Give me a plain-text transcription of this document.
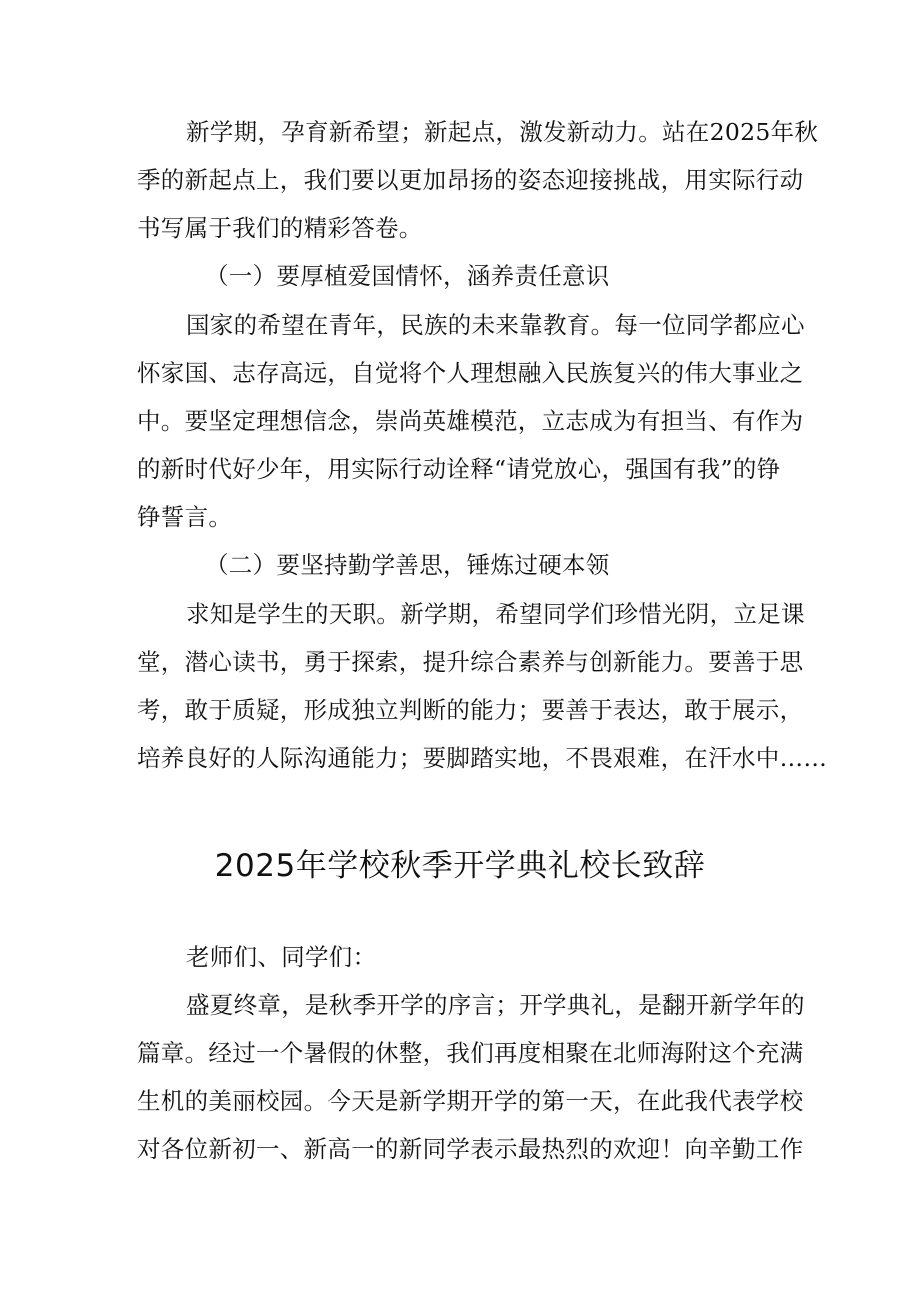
新学期，孕育新希望；新起点，激发新动力。站在2025年秋
季的新起点上，我们要以更加昂扬的姿态迎接挑战，用实际行动
书写属于我们的精彩答卷。
（一）要厚植爱国情怀，涵养责任意识
国家的希望在青年，民族的未来靠教育。每一位同学都应心
怀家国、志存高远，自觉将个人理想融入民族复兴的伟大事业之
中。要坚定理想信念，崇尚英雄模范，立志成为有担当、有作为
的新时代好少年，用实际行动诠释“请党放心，强国有我”的铮
铮誓言。
（二）要坚持勤学善思，锤炼过硬本领
求知是学生的天职。新学期，希望同学们珍惜光阴，立足课
堂，潜心读书，勇于探索，提升综合素养与创新能力。要善于思
考，敢于质疑，形成独立判断的能力；要善于表达，敢于展示，
培养良好的人际沟通能力；要脚踏实地，不畏艰难，在汗水中……
2025年学校秋季开学典礼校长致辞
老师们、同学们：
盛夏终章，是秋季开学的序言；开学典礼，是翻开新学年的
篇章。经过一个暑假的休整，我们再度相聚在北师海附这个充满
生机的美丽校园。今天是新学期开学的第一天，在此我代表学校
对各位新初一、新高一的新同学表示最热烈的欢迎！向辛勤工作
